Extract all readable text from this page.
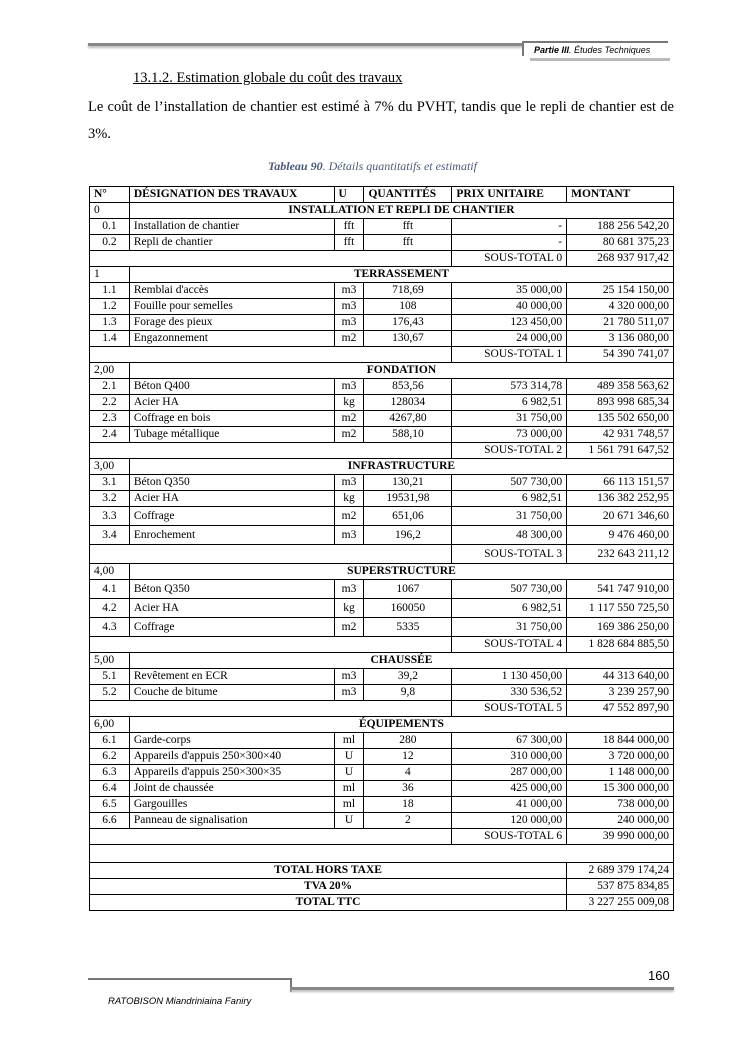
Partie III. Études Techniques
13.1.2. Estimation globale du coût des travaux
Le coût de l’installation de chantier est estimé à 7% du PVHT, tandis que le repli de chantier est de 3%.
Tableau 90. Détails quantitatifs et estimatif
N°	DÉSIGNATION DES TRAVAUX	U	QUANTITÉS	PRIX UNITAIRE	MONTANT
0	INSTALLATION ET REPLI DE CHANTIER				
0.1	Installation de chantier	fft	fft	-	188 256 542,20
0.2	Repli de chantier	fft	fft	-	80 681 375,23
				SOUS-TOTAL 0	268 937 917,42
1	TERRASSEMENT				
1.1	Remblai d'accès	m3	718,69	35 000,00	25 154 150,00
1.2	Fouille pour semelles	m3	108	40 000,00	4 320 000,00
1.3	Forage des pieux	m3	176,43	123 450,00	21 780 511,07
1.4	Engazonnement	m2	130,67	24 000,00	3 136 080,00
				SOUS-TOTAL 1	54 390 741,07
2,00	FONDATION				
2.1	Béton Q400	m3	853,56	573 314,78	489 358 563,62
2.2	Acier HA	kg	128034	6 982,51	893 998 685,34
2.3	Coffrage en bois	m2	4267,80	31 750,00	135 502 650,00
2.4	Tubage métallique	m2	588,10	73 000,00	42 931 748,57
				SOUS-TOTAL 2	1 561 791 647,52
3,00	INFRASTRUCTURE				
3.1	Béton Q350	m3	130,21	507 730,00	66 113 151,57
3.2	Acier HA	kg	19531,98	6 982,51	136 382 252,95
3.3	Coffrage	m2	651,06	31 750,00	20 671 346,60
3.4	Enrochement	m3	196,2	48 300,00	9 476 460,00
				SOUS-TOTAL 3	232 643 211,12
4,00	SUPERSTRUCTURE				
4.1	Béton Q350	m3	1067	507 730,00	541 747 910,00
4.2	Acier HA	kg	160050	6 982,51	1 117 550 725,50
4.3	Coffrage	m2	5335	31 750,00	169 386 250,00
				SOUS-TOTAL 4	1 828 684 885,50
5,00	CHAUSSÉE				
5.1	Revêtement en ECR	m3	39,2	1 130 450,00	44 313 640,00
5.2	Couche de bitume	m3	9,8	330 536,52	3 239 257,90
				SOUS-TOTAL 5	47 552 897,90
6,00	ÉQUIPEMENTS				
6.1	Garde-corps	ml	280	67 300,00	18 844 000,00
6.2	Appareils d'appuis 250×300×40	U	12	310 000,00	3 720 000,00
6.3	Appareils d'appuis 250×300×35	U	4	287 000,00	1 148 000,00
6.4	Joint de chaussée	ml	36	425 000,00	15 300 000,00
6.5	Gargouilles	ml	18	41 000,00	738 000,00
6.6	Panneau de signalisation	U	2	120 000,00	240 000,00
				SOUS-TOTAL 6	39 990 000,00

TOTAL HORS TAXE					2 689 379 174,24
TVA 20%					537 875 834,85
TOTAL TTC					3 227 255 009,08
160
RATOBISON Miandriniaina Faniry
